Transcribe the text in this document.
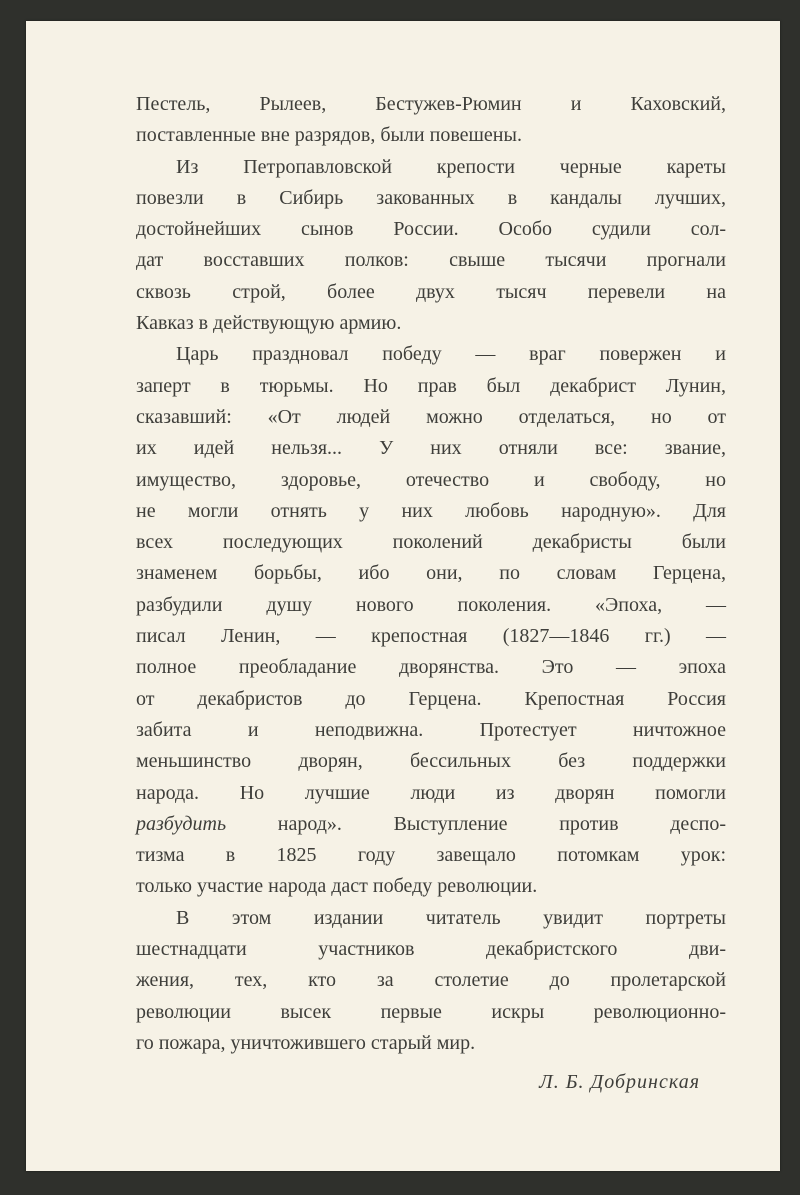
Пестель, Рылеев, Бестужев-Рюмин и Каховский,
поставленные вне разрядов, были повешены.
Из Петропавловской крепости черные кареты
повезли в Сибирь закованных в кандалы лучших,
достойнейших сынов России. Особо судили сол-
дат восставших полков: свыше тысячи прогнали
сквозь строй, более двух тысяч перевели на
Кавказ в действующую армию.
Царь праздновал победу — враг повержен и
заперт в тюрьмы. Но прав был декабрист Лунин,
сказавший: «От людей можно отделаться, но от
их идей нельзя... У них отняли все: звание,
имущество, здоровье, отечество и свободу, но
не могли отнять у них любовь народную». Для
всех последующих поколений декабристы были
знаменем борьбы, ибо они, по словам Герцена,
разбудили душу нового поколения. «Эпоха, —
писал Ленин, — крепостная (1827—1846 гг.) —
полное преобладание дворянства. Это — эпоха
от декабристов до Герцена. Крепостная Россия
забита и неподвижна. Протестует ничтожное
меньшинство дворян, бессильных без поддержки
народа. Но лучшие люди из дворян помогли
разбудить народ». Выступление против деспо-
тизма в 1825 году завещало потомкам урок:
только участие народа даст победу революции.
В этом издании читатель увидит портреты
шестнадцати участников декабристского дви-
жения, тех, кто за столетие до пролетарской
революции высек первые искры революционно-
го пожара, уничтожившего старый мир.
Л. Б. Добринская
